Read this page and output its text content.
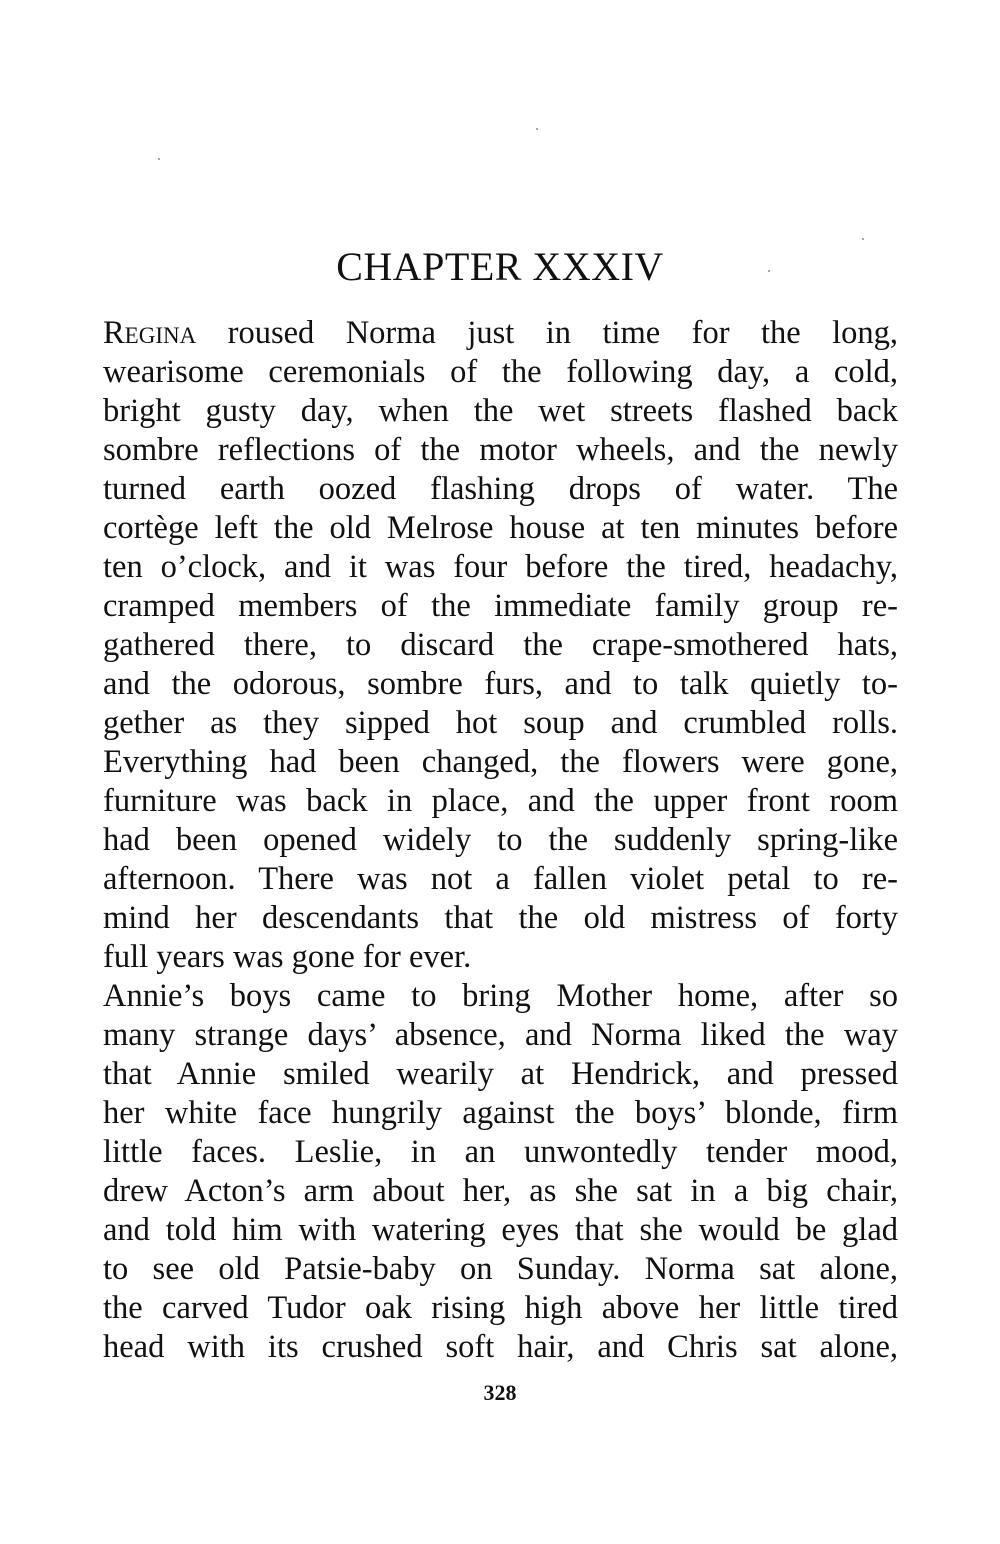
CHAPTER XXXIV

Regina roused Norma just in time for the long,
wearisome ceremonials of the following day, a cold,
bright gusty day, when the wet streets flashed back
sombre reflections of the motor wheels, and the newly
turned earth oozed flashing drops of water. The
cortège left the old Melrose house at ten minutes before
ten o’clock, and it was four before the tired, headachy,
cramped members of the immediate family group re-
gathered there, to discard the crape-smothered hats,
and the odorous, sombre furs, and to talk quietly to-
gether as they sipped hot soup and crumbled rolls.
Everything had been changed, the flowers were gone,
furniture was back in place, and the upper front room
had been opened widely to the suddenly spring-like
afternoon. There was not a fallen violet petal to re-
mind her descendants that the old mistress of forty
full years was gone for ever.

Annie’s boys came to bring Mother home, after so
many strange days’ absence, and Norma liked the way
that Annie smiled wearily at Hendrick, and pressed
her white face hungrily against the boys’ blonde, firm
little faces. Leslie, in an unwontedly tender mood,
drew Acton’s arm about her, as she sat in a big chair,
and told him with watering eyes that she would be glad
to see old Patsie-baby on Sunday. Norma sat alone,
the carved Tudor oak rising high above her little tired
head with its crushed soft hair, and Chris sat alone,

328
